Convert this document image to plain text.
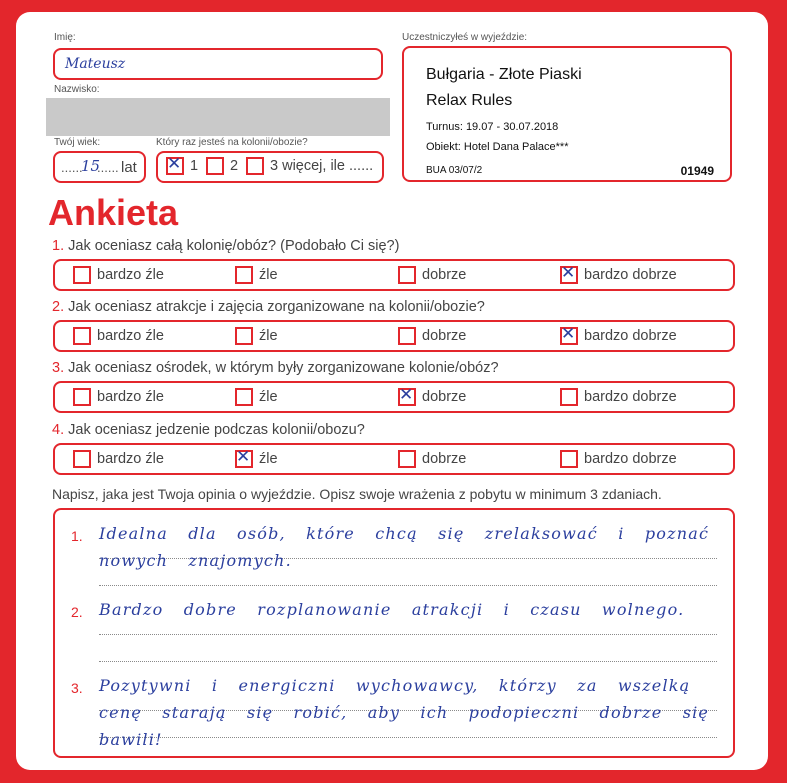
Imię:
Mateusz
Nazwisko:
Twój wiek:
......
15
...... lat
Który raz jesteś na kolonii/obozie?
✕ 1 2 3 więcej, ile ......
Uczestniczyłeś w wyjeździe:
Bułgaria - Złote Piaski
Relax Rules
Turnus: 19.07 - 30.07.2018
Obiekt: Hotel Dana Palace***
BUA 03/07/2	01949
Ankieta
1. Jak oceniasz całą kolonię/obóz? (Podobało Ci się?)
bardzo źle	źle	dobrze	✕ bardzo dobrze
2. Jak oceniasz atrakcje i zajęcia zorganizowane na kolonii/obozie?
bardzo źle	źle	dobrze	✕ bardzo dobrze
3. Jak oceniasz ośrodek, w którym były zorganizowane kolonie/obóz?
bardzo źle	źle	✕ dobrze	bardzo dobrze
4. Jak oceniasz jedzenie podczas kolonii/obozu?
bardzo źle	✕ źle	dobrze	bardzo dobrze
Napisz, jaka jest Twoja opinia o wyjeździe. Opisz swoje wrażenia z pobytu w minimum 3 zdaniach.
1. Idealna dla osób, które chcą się zrelaksować i poznać nowych znajomych.
2. Bardzo dobre rozplanowanie atrakcji i czasu wolnego.
3. Pozytywni i energiczni wychowawcy, którzy za wszelką cenę starają się robić, aby ich podopieczni dobrze się bawili!
